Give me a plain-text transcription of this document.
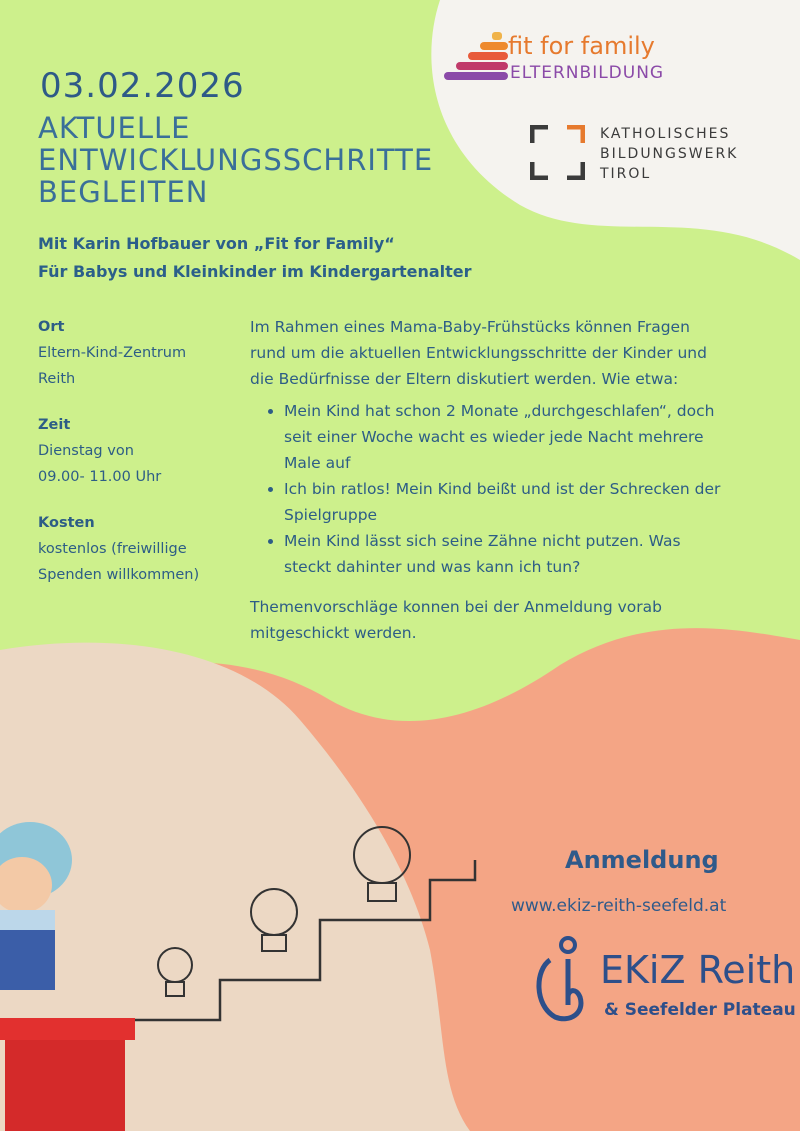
fit for family
ELTERNBILDUNG
KATHOLISCHES
BILDUNGSWERK
TIROL
03.02.2026
AKTUELLE
ENTWICKLUNGSSCHRITTE
BEGLEITEN
Mit Karin Hofbauer von „Fit for Family“
Für Babys und Kleinkinder im Kindergartenalter
Ort
Eltern-Kind-Zentrum
Reith
Zeit
Dienstag von
09.00- 11.00 Uhr
Kosten
kostenlos (freiwillige
Spenden willkommen)
Im Rahmen eines Mama-Baby-Frühstücks können Fragen rund um die aktuellen Entwicklungsschritte der Kinder und die Bedürfnisse der Eltern diskutiert werden. Wie etwa:
• Mein Kind hat schon 2 Monate „durchgeschlafen“, doch seit einer Woche wacht es wieder jede Nacht mehrere Male auf
• Ich bin ratlos! Mein Kind beißt und ist der Schrecken der Spielgruppe
• Mein Kind lässt sich seine Zähne nicht putzen. Was steckt dahinter und was kann ich tun?
Themenvorschläge konnen bei der Anmeldung vorab mitgeschickt werden.
Anmeldung
www.ekiz-reith-seefeld.at
EKiZ Reith
& Seefelder Plateau
